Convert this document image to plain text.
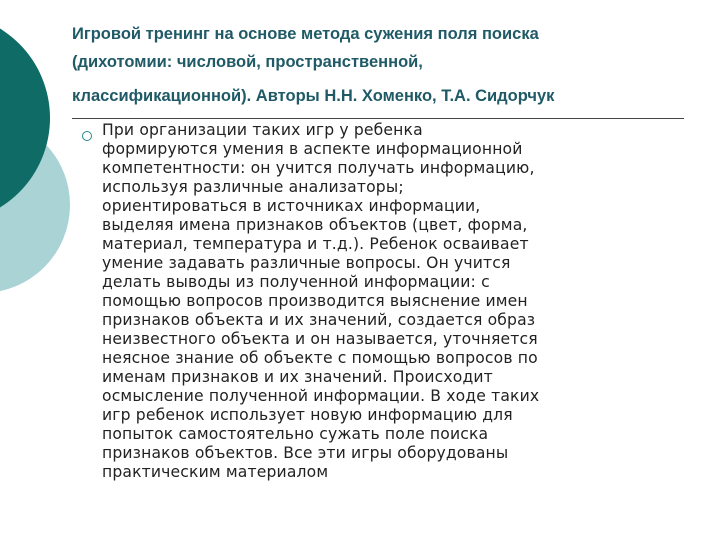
Игровой тренинг на основе метода сужения поля поиска
(дихотомии: числовой, пространственной,
классификационной). Авторы Н.Н. Хоменко, Т.А. Сидорчук

При организации таких игр у ребенка
формируются умения в аспекте информационной
компетентности: он учится получать информацию,
используя различные анализаторы;
ориентироваться в источниках информации,
выделяя имена признаков объектов (цвет, форма,
материал, температура и т.д.). Ребенок осваивает
умение задавать различные вопросы. Он учится
делать выводы из полученной информации: с
помощью вопросов производится выяснение имен
признаков объекта и их значений, создается образ
неизвестного объекта и он называется, уточняется
неясное знание об объекте с помощью вопросов по
именам признаков и их значений. Происходит
осмысление полученной информации. В ходе таких
игр ребенок использует новую информацию для
попыток самостоятельно сужать поле поиска
признаков объектов. Все эти игры оборудованы
практическим материалом
